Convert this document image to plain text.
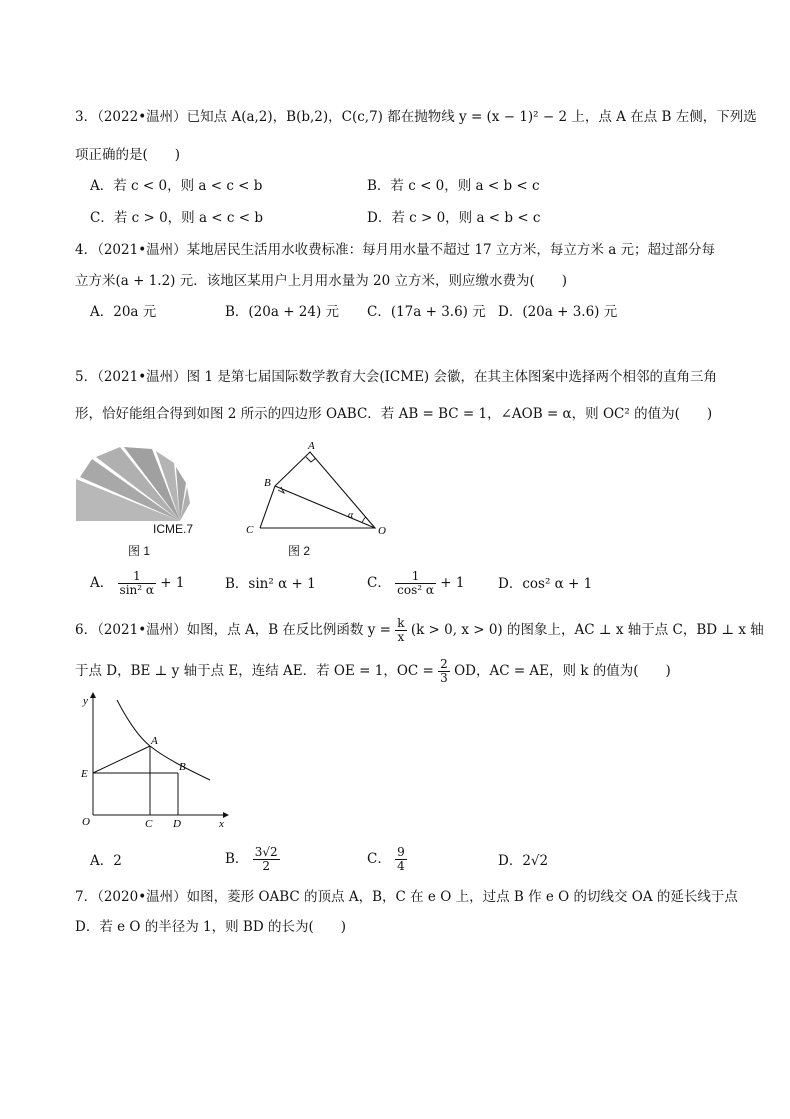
3．（2022•温州）已知点 A(a,2)，B(b,2)，C(c,7) 都在抛物线 y = (x − 1)² − 2 上，点 A 在点 B 左侧，下列选
项正确的是(　　)
A．若 c < 0，则 a < c < b	B．若 c < 0，则 a < b < c
C．若 c > 0，则 a < c < b	D．若 c > 0，则 a < b < c
4．（2021•温州）某地居民生活用水收费标准：每月用水量不超过 17 立方米，每立方米 a 元；超过部分每
立方米(a + 1.2) 元．该地区某用户上月用水量为 20 立方米，则应缴水费为(　　)
A．20a 元	B．(20a + 24) 元 C．(17a + 3.6) 元 D．(20a + 3.6) 元
5．（2021•温州）图 1 是第七届国际数学教育大会(ICME) 会徽，在其主体图案中选择两个相邻的直角三角
形，恰好能组合得到如图 2 所示的四边形 OABC．若 AB = BC = 1，∠AOB = α，则 OC² 的值为(　　)
ICME.7
图 1
A
B
C	O
α
图 2
A． $\frac{1}{\text{sin² α}} + 1$	B．sin² α + 1	C． $\frac{1}{\text{cos² α}} + 1$ D．cos² α + 1
6．（2021•温州）如图，点 A，B 在反比例函数 $y = \frac{k}{x} (k > 0$, x > 0) 的图象上，AC ⊥ x 轴于点 C，BD ⊥ x 轴
于点 D，BE ⊥ y 轴于点 E，连结 AE．若 OE = 1，OC = $\frac{2}{3}$ OD，AC = AE，则 k 的值为(　　)
y
A
B
E
O	C D	x
A．2	B． $\frac{3√2}{2}$	C． $\frac{9}{4}$	D．2√2
7．（2020•温州）如图，菱形 OABC 的顶点 A，B，C 在 e O 上，过点 B 作 e O 的切线交 OA 的延长线于点
D．若 e O 的半径为 1，则 BD 的长为(　　)
